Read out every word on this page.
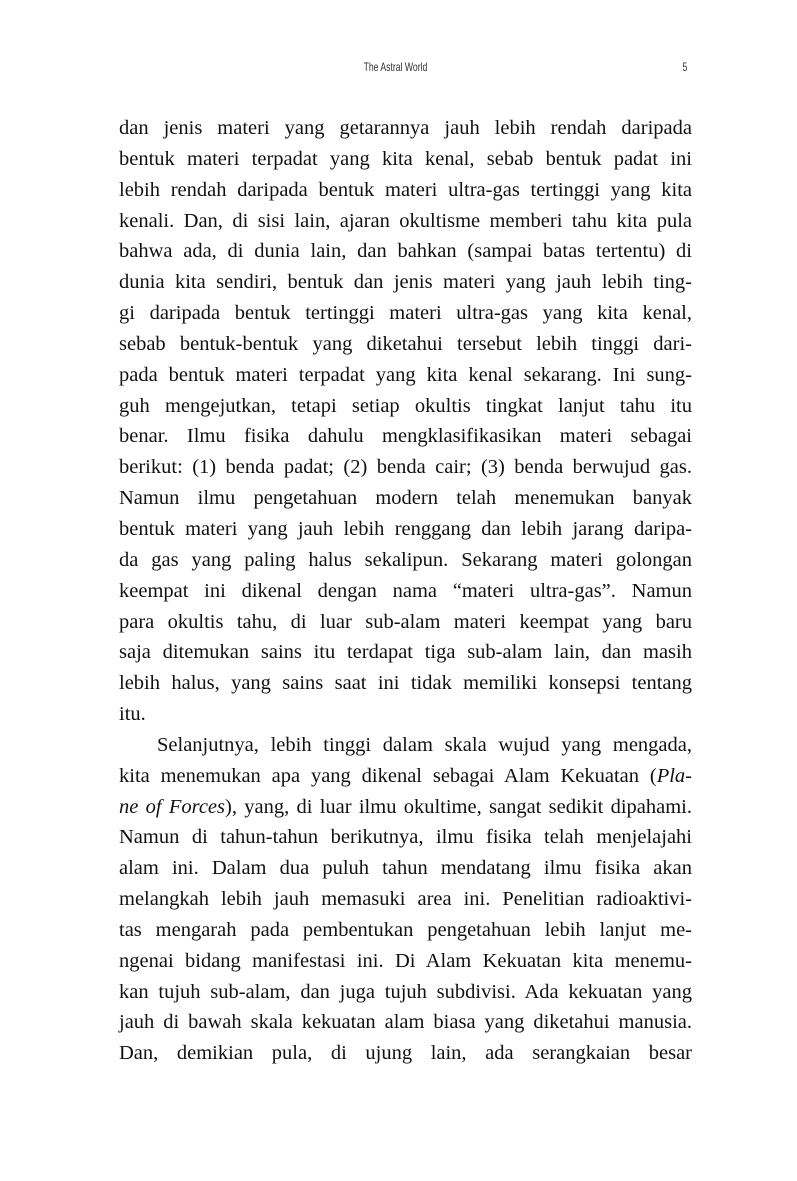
The Astral World	5
dan jenis materi yang getarannya jauh lebih rendah daripada
bentuk materi terpadat yang kita kenal, sebab bentuk padat ini
lebih rendah daripada bentuk materi ultra-gas tertinggi yang kita
kenali. Dan, di sisi lain, ajaran okultisme memberi tahu kita pula
bahwa ada, di dunia lain, dan bahkan (sampai batas tertentu) di
dunia kita sendiri, bentuk dan jenis materi yang jauh lebih ting-
gi daripada bentuk tertinggi materi ultra-gas yang kita kenal,
sebab bentuk-bentuk yang diketahui tersebut lebih tinggi dari-
pada bentuk materi terpadat yang kita kenal sekarang. Ini sung-
guh mengejutkan, tetapi setiap okultis tingkat lanjut tahu itu
benar. Ilmu fisika dahulu mengklasifikasikan materi sebagai
berikut: (1) benda padat; (2) benda cair; (3) benda berwujud gas.
Namun ilmu pengetahuan modern telah menemukan banyak
bentuk materi yang jauh lebih renggang dan lebih jarang daripa-
da gas yang paling halus sekalipun. Sekarang materi golongan
keempat ini dikenal dengan nama “materi ultra-gas”. Namun
para okultis tahu, di luar sub-alam materi keempat yang baru
saja ditemukan sains itu terdapat tiga sub-alam lain, dan masih
lebih halus, yang sains saat ini tidak memiliki konsepsi tentang
itu.
Selanjutnya, lebih tinggi dalam skala wujud yang mengada,
kita menemukan apa yang dikenal sebagai Alam Kekuatan (Pla-
ne of Forces), yang, di luar ilmu okultime, sangat sedikit dipahami.
Namun di tahun-tahun berikutnya, ilmu fisika telah menjelajahi
alam ini. Dalam dua puluh tahun mendatang ilmu fisika akan
melangkah lebih jauh memasuki area ini. Penelitian radioaktivi-
tas mengarah pada pembentukan pengetahuan lebih lanjut me-
ngenai bidang manifestasi ini. Di Alam Kekuatan kita menemu-
kan tujuh sub-alam, dan juga tujuh subdivisi. Ada kekuatan yang
jauh di bawah skala kekuatan alam biasa yang diketahui manusia.
Dan, demikian pula, di ujung lain, ada serangkaian besar
